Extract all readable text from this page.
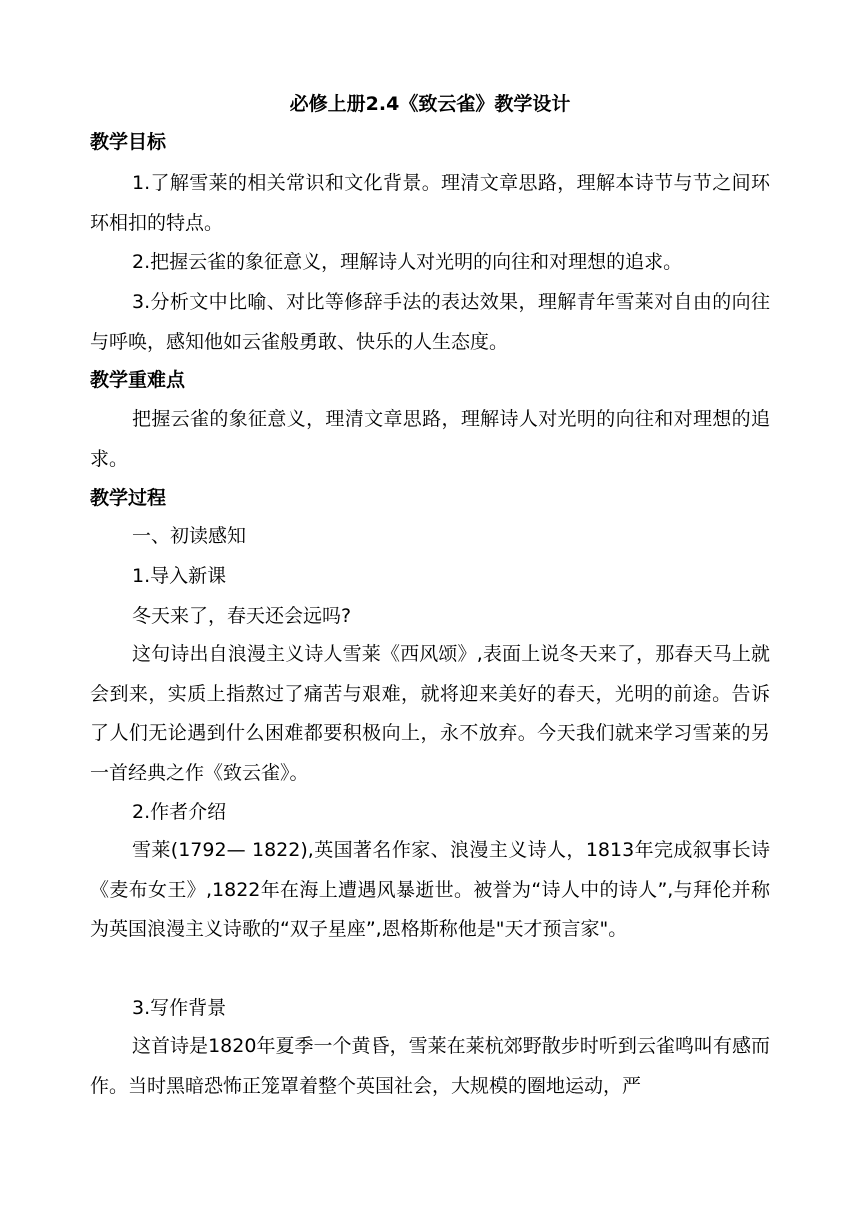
必修上册2.4《致云雀》教学设计
教学目标

1.了解雪莱的相关常识和文化背景。理清文章思路，理解本诗节与节之间环环相扣的特点。

2.把握云雀的象征意义，理解诗人对光明的向往和对理想的追求。

3.分析文中比喻、对比等修辞手法的表达效果，理解青年雪莱对自由的向往与呼唤，感知他如云雀般勇敢、快乐的人生态度。

教学重难点

把握云雀的象征意义，理清文章思路，理解诗人对光明的向往和对理想的追求。

教学过程
一、初读感知
1.导入新课
冬天来了，春天还会远吗?

这句诗出自浪漫主义诗人雪莱《西风颂》,表面上说冬天来了，那春天马上就会到来，实质上指熬过了痛苦与艰难，就将迎来美好的春天，光明的前途。告诉了人们无论遇到什么困难都要积极向上，永不放弃。今天我们就来学习雪莱的另一首经典之作《致云雀》。

2.作者介绍

雪莱(1792— 1822),英国著名作家、浪漫主义诗人，1813年完成叙事长诗《麦布女王》,1822年在海上遭遇风暴逝世。被誉为“诗人中的诗人”,与拜伦并称为英国浪漫主义诗歌的“双子星座”,恩格斯称他是"天才预言家"。

3.写作背景

这首诗是1820年夏季一个黄昏，雪莱在莱杭郊野散步时听到云雀鸣叫有感而作。当时黑暗恐怖正笼罩着整个英国社会，大规模的圈地运动，严
